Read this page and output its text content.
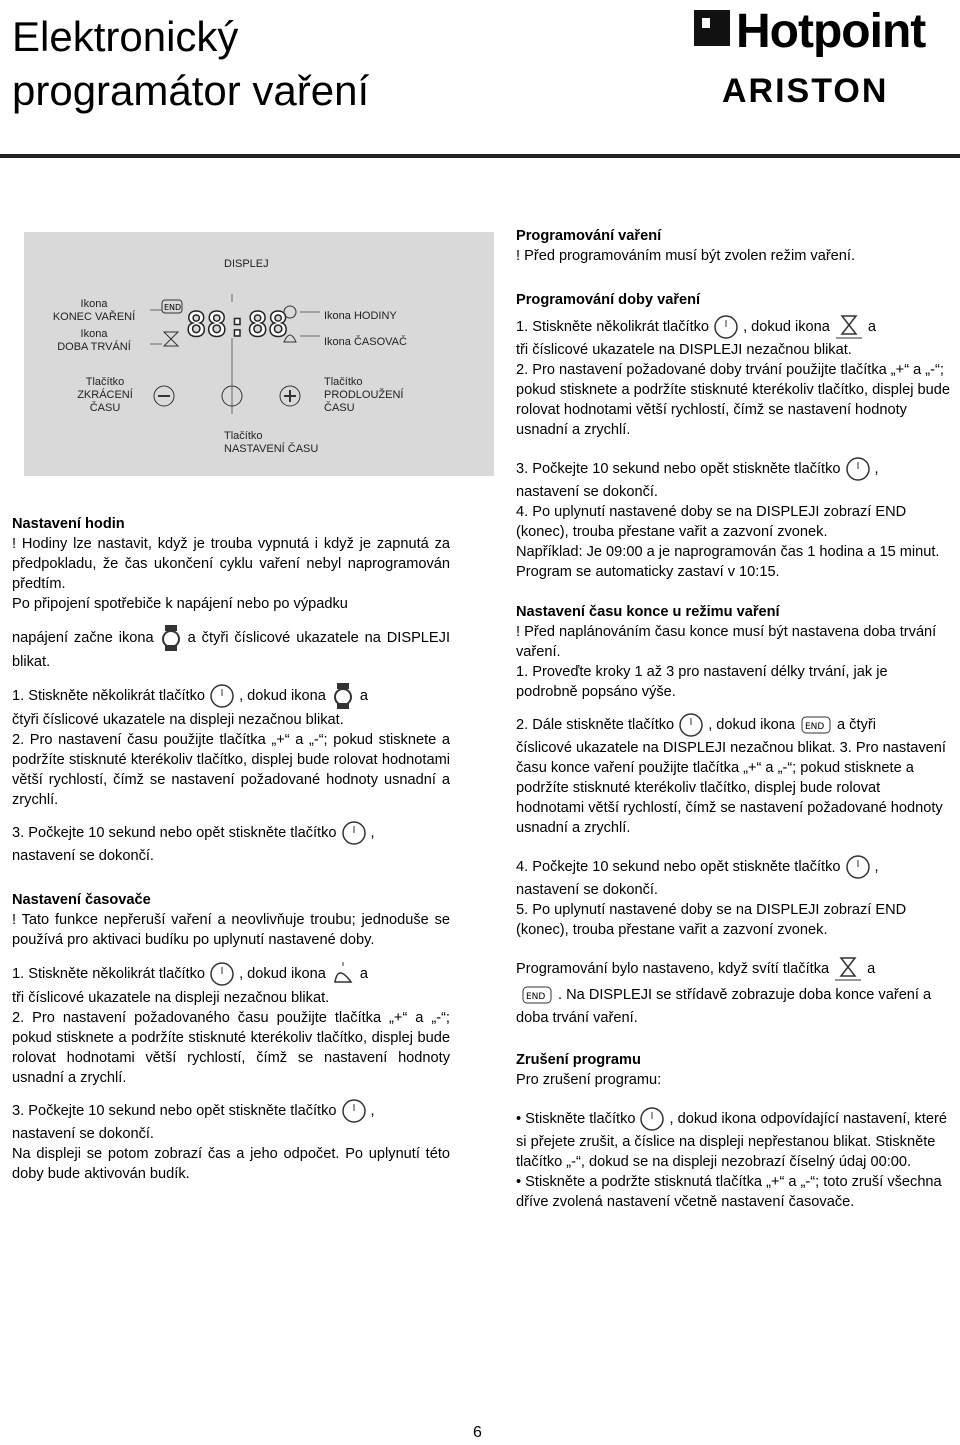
Elektronický
programátor vaření
Hotpoint
ARISTON
DISPLEJ
Ikona
KONEC VAŘENÍ
Ikona
DOBA TRVÁNÍ
Tlačítko
ZKRÁCENÍ
ČASU
Ikona HODINY
Ikona ČASOVAČ
Tlačítko
PRODLOUŽENÍ
ČASU
Tlačítko
NASTAVENÍ ČASU
END 88:88

Nastavení hodin

! Hodiny lze nastavit, když je trouba vypnutá i když je zapnutá za předpokladu, že čas ukončení cyklu vaření nebyl naprogramován předtím.

Po připojení spotřebiče k napájení nebo po výpadku

napájení začne ikona a čtyři číslicové ukazatele na DISPLEJI blikat.

1. Stiskněte několikrát tlačítko , dokud ikona a

čtyři číslicové ukazatele na displeji nezačnou blikat.

2. Pro nastavení času použijte tlačítka „+“ a „-“; pokud stisknete a podržíte stisknuté kterékoliv tlačítko, displej bude rolovat hodnotami větší rychlostí, čímž se nastavení požadované hodnoty usnadní a zrychlí.

3. Počkejte 10 sekund nebo opět stiskněte tlačítko ,

nastavení se dokončí.

Nastavení časovače

! Tato funkce nepřeruší vaření a neovlivňuje troubu; jednoduše se používá pro aktivaci budíku po uplynutí nastavené doby.

1. Stiskněte několikrát tlačítko , dokud ikona a

tři číslicové ukazatele na displeji nezačnou blikat.

2. Pro nastavení požadovaného času použijte tlačítka „+“ a „-“; pokud stisknete a podržíte stisknuté kterékoliv tlačítko, displej bude rolovat hodnotami větší rychlostí, čímž se nastavení hodnoty usnadní a zrychlí.

3. Počkejte 10 sekund nebo opět stiskněte tlačítko ,

nastavení se dokončí.

Na displeji se potom zobrazí čas a jeho odpočet. Po uplynutí této doby bude aktivován budík.

Programování vaření

! Před programováním musí být zvolen režim vaření.

Programování doby vaření

1. Stiskněte několikrát tlačítko , dokud ikona	a

tři číslicové ukazatele na DISPLEJI nezačnou blikat.

2. Pro nastavení požadované doby trvání použijte tlačítka „+“ a „-“; pokud stisknete a podržíte stisknuté kterékoliv tlačítko, displej bude rolovat hodnotami větší rychlostí, čímž se nastavení hodnoty usnadní a zrychlí.

3. Počkejte 10 sekund nebo opět stiskněte tlačítko ,

nastavení se dokončí.

4. Po uplynutí nastavené doby se na DISPLEJI zobrazí END (konec), trouba přestane vařit a zazvoní zvonek.

Například: Je 09:00 a je naprogramován čas 1 hodina a 15 minut. Program se automaticky zastaví v 10:15.

Nastavení času konce u režimu vaření

! Před naplánováním času konce musí být nastavena doba trvání vaření.

1. Proveďte kroky 1 až 3 pro nastavení délky trvání, jak je podrobně popsáno výše.

2. Dále stiskněte tlačítko , dokud ikona END a čtyři

číslicové ukazatele na DISPLEJI nezačnou blikat. 3. Pro nastavení času konce vaření použijte tlačítka „+“ a „-“; pokud stisknete a podržíte stisknuté kterékoliv tlačítko, displej bude rolovat hodnotami větší rychlostí, čímž se nastavení požadované hodnoty usnadní a zrychlí.

4. Počkejte 10 sekund nebo opět stiskněte tlačítko ,

nastavení se dokončí.

5. Po uplynutí nastavené doby se na DISPLEJI zobrazí END (konec), trouba přestane vařit a zazvoní zvonek.

Programování bylo nastaveno, když svítí tlačítka	a

END . Na DISPLEJI se střídavě zobrazuje doba konce vaření a doba trvání vaření.

Zrušení programu

Pro zrušení programu:

• Stiskněte tlačítko , dokud ikona odpovídající nastavení, které si přejete zrušit, a číslice na displeji nepřestanou blikat. Stiskněte tlačítko „-“, dokud se na displeji nezobrazí číselný údaj 00:00.

• Stiskněte a podržte stisknutá tlačítka „+“ a „-“; toto zruší všechna dříve zvolená nastavení včetně nastavení časovače.

6
